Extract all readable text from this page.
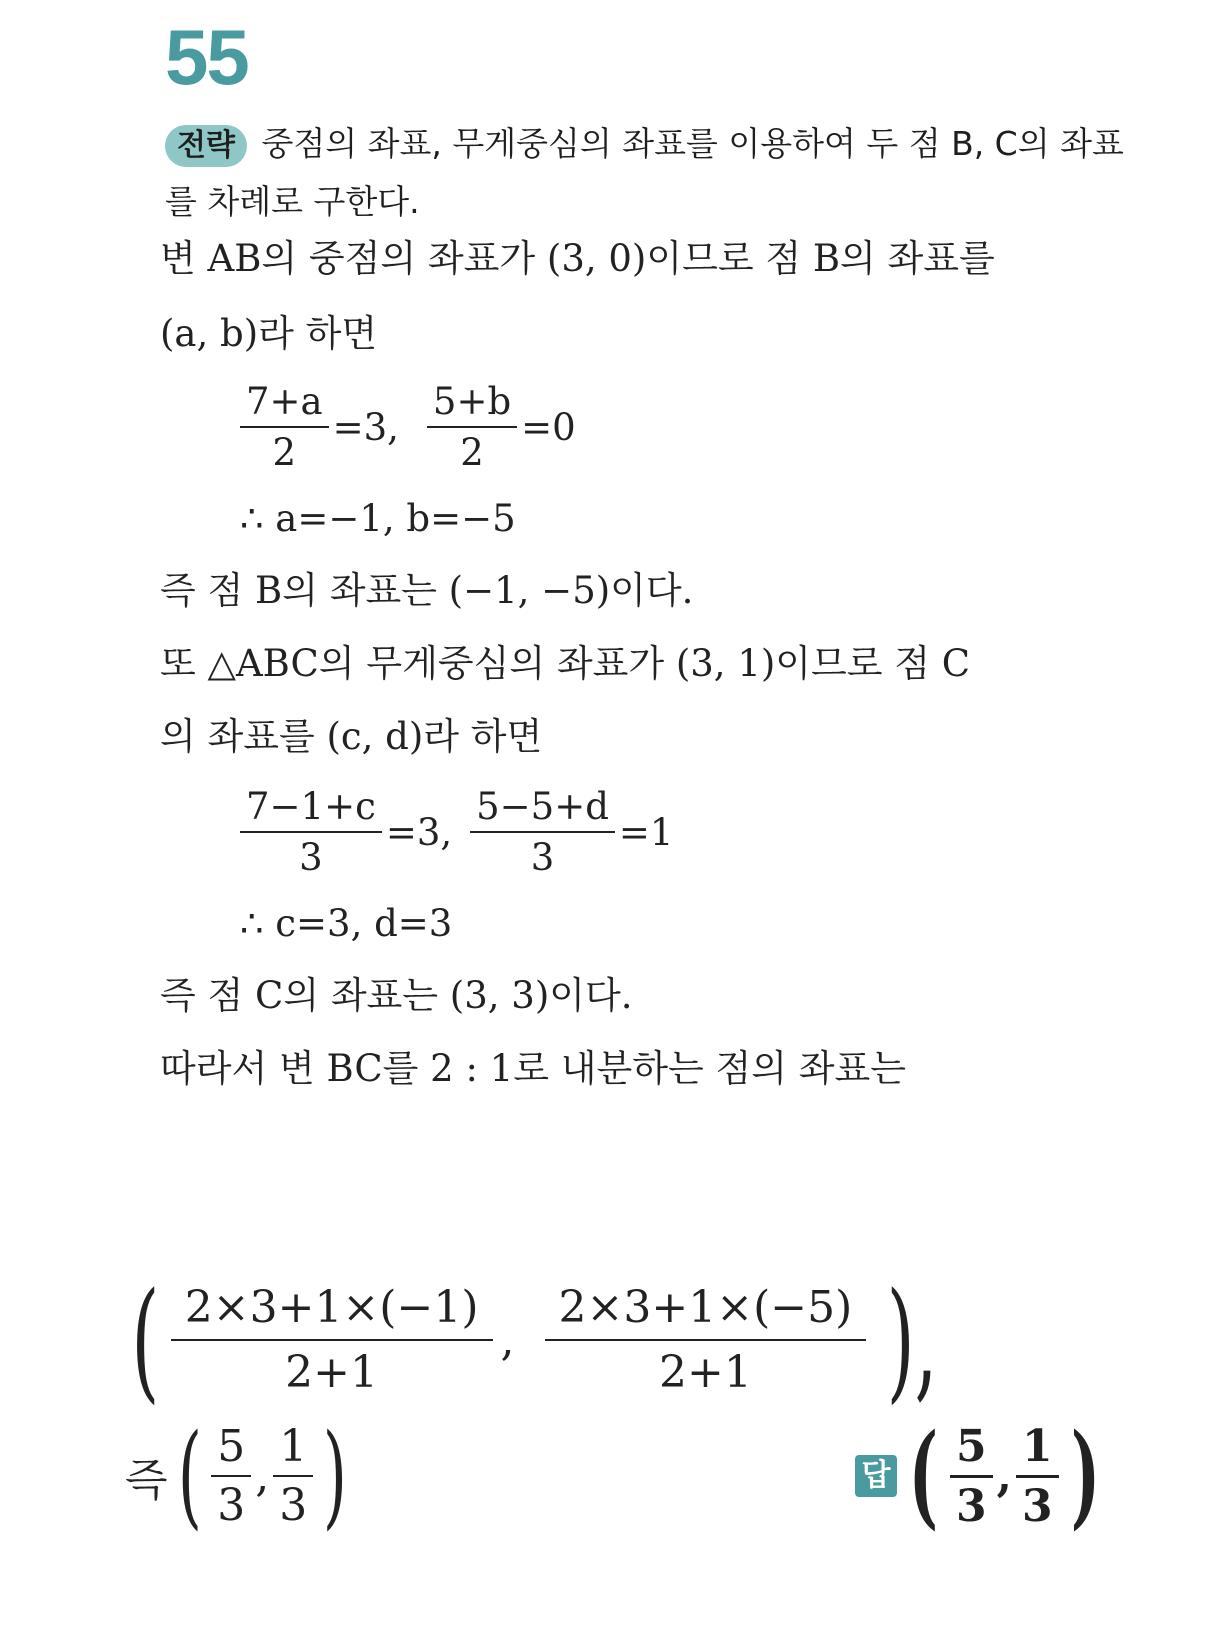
55
전략 중점의 좌표, 무게중심의 좌표를 이용하여 두 점 B, C의 좌표를 차례로 구한다.
변 AB의 중점의 좌표가 (3, 0)이므로 점 B의 좌표를
(a, b)라 하면
$\frac{7+a}{2} =3$, $\frac{5+b}{2} =0$
∴ a=−1, b=−5
즉 점 B의 좌표는 (−1, −5)이다.
또 △ABC의 무게중심의 좌표가 (3, 1)이므로 점 C
의 좌표를 (c, d)라 하면
$\frac{7-1+c}{3} =3$, $\frac{5-5+d}{3} =1$
∴ c=3, d=3
즉 점 C의 좌표는 (3, 3)이다.
따라서 변 BC를 2 : 1로 내분하는 점의 좌표는
( $\frac{2\times 3+1\times(-1)}{2+1}$ , $\frac{2\times 3+1\times(-5)}{2+1}$ ),
즉 ( $\frac{5}{3}$ , $\frac{1}{3}$ )	답 ( $\frac{5}{3}$ , $\frac{1}{3}$ )
